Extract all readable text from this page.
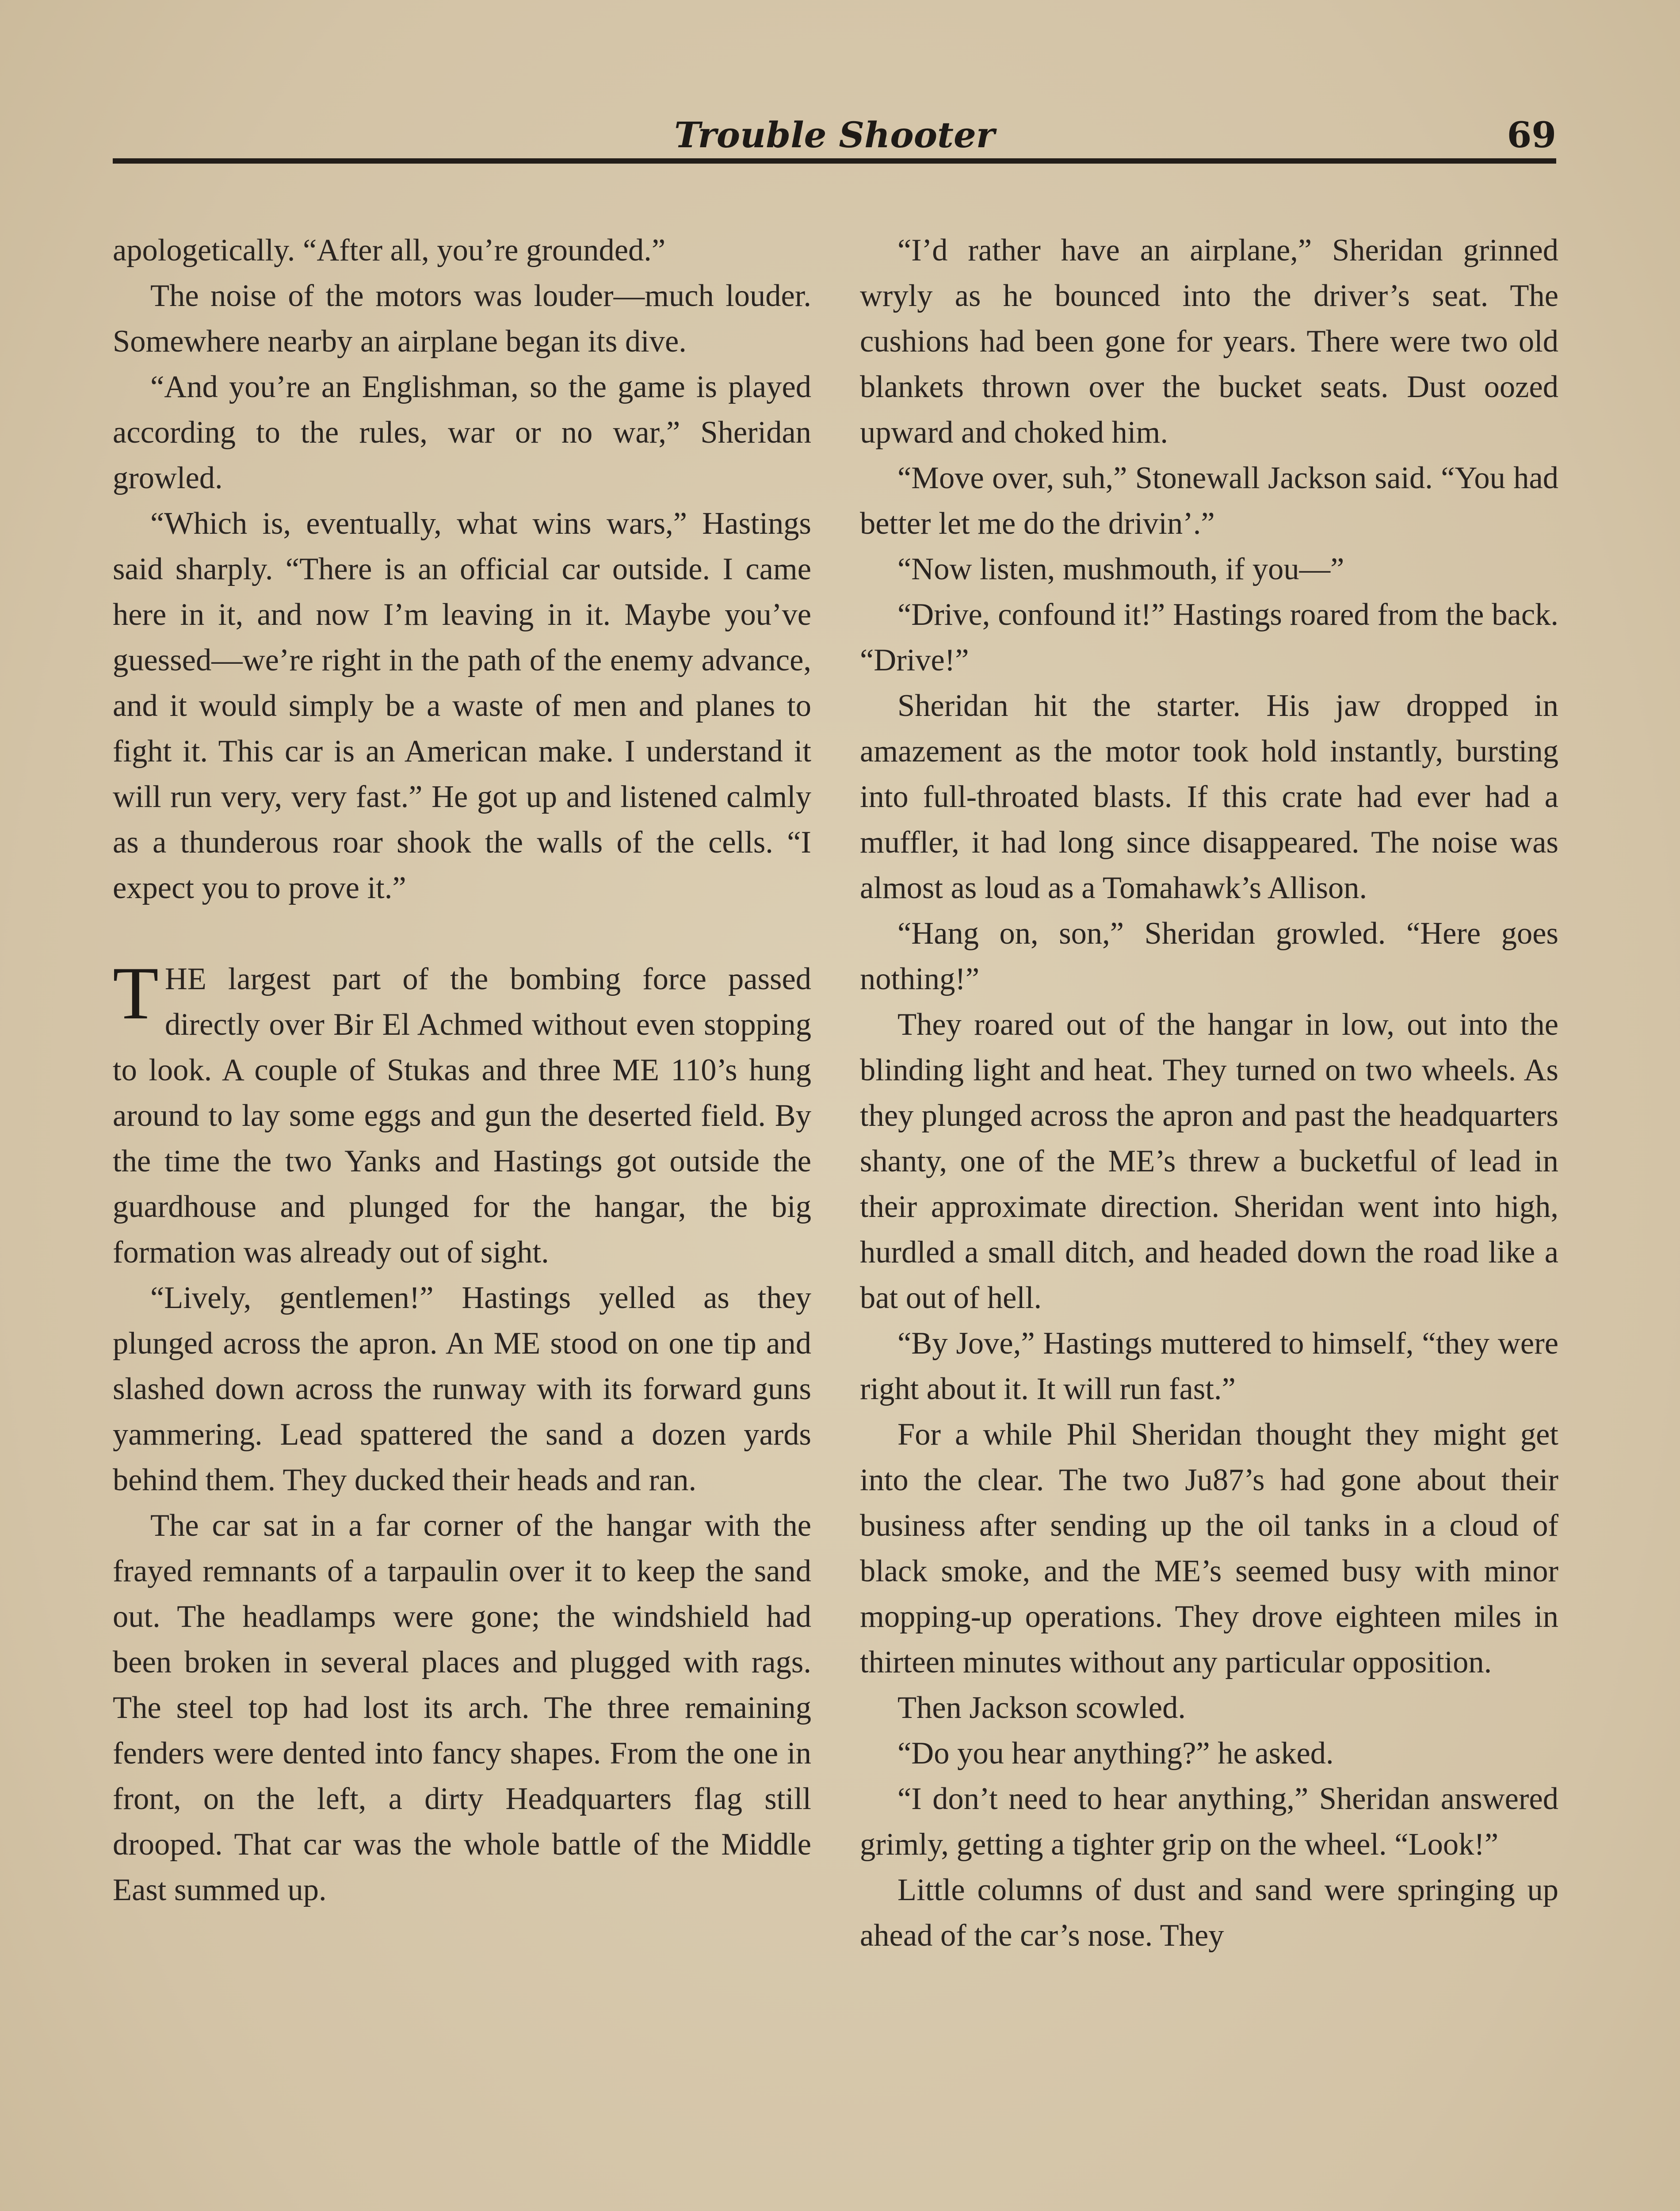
Trouble Shooter	69

apologetically. “After all, you’re grounded.”

The noise of the motors was louder—much louder. Somewhere nearby an airplane began its dive.

“And you’re an Englishman, so the game is played according to the rules, war or no war,” Sheridan growled.

“Which is, eventually, what wins wars,” Hastings said sharply. “There is an official car outside. I came here in it, and now I’m leaving in it. Maybe you’ve guessed—we’re right in the path of the enemy advance, and it would simply be a waste of men and planes to fight it. This car is an American make. I understand it will run very, very fast.” He got up and listened calmly as a thunderous roar shook the walls of the cells. “I expect you to prove it.”

THE largest part of the bombing force passed directly over Bir El Achmed without even stopping to look. A couple of Stukas and three ME 110’s hung around to lay some eggs and gun the deserted field. By the time the two Yanks and Hastings got outside the guardhouse and plunged for the hangar, the big formation was already out of sight.

“Lively, gentlemen!” Hastings yelled as they plunged across the apron. An ME stood on one tip and slashed down across the runway with its forward guns yammering. Lead spattered the sand a dozen yards behind them. They ducked their heads and ran.

The car sat in a far corner of the hangar with the frayed remnants of a tarpaulin over it to keep the sand out. The headlamps were gone; the windshield had been broken in several places and plugged with rags. The steel top had lost its arch. The three remaining fenders were dented into fancy shapes. From the one in front, on the left, a dirty Headquarters flag still drooped. That car was the whole battle of the Middle East summed up.

“I’d rather have an airplane,” Sheridan grinned wryly as he bounced into the driver’s seat. The cushions had been gone for years. There were two old blankets thrown over the bucket seats. Dust oozed upward and choked him.

“Move over, suh,” Stonewall Jackson said. “You had better let me do the drivin’.”

“Now listen, mushmouth, if you—”

“Drive, confound it!” Hastings roared from the back. “Drive!”

Sheridan hit the starter. His jaw dropped in amazement as the motor took hold instantly, bursting into full-throated blasts. If this crate had ever had a muffler, it had long since disappeared. The noise was almost as loud as a Tomahawk’s Allison.

“Hang on, son,” Sheridan growled. “Here goes nothing!”

They roared out of the hangar in low, out into the blinding light and heat. They turned on two wheels. As they plunged across the apron and past the headquarters shanty, one of the ME’s threw a bucketful of lead in their approximate direction. Sheridan went into high, hurdled a small ditch, and headed down the road like a bat out of hell.

“By Jove,” Hastings muttered to himself, “they were right about it. It will run fast.”

For a while Phil Sheridan thought they might get into the clear. The two Ju87’s had gone about their business after sending up the oil tanks in a cloud of black smoke, and the ME’s seemed busy with minor mopping-up operations. They drove eighteen miles in thirteen minutes without any particular opposition.

Then Jackson scowled.

“Do you hear anything?” he asked.

“I don’t need to hear anything,” Sheridan answered grimly, getting a tighter grip on the wheel. “Look!”

Little columns of dust and sand were springing up ahead of the car’s nose. They
